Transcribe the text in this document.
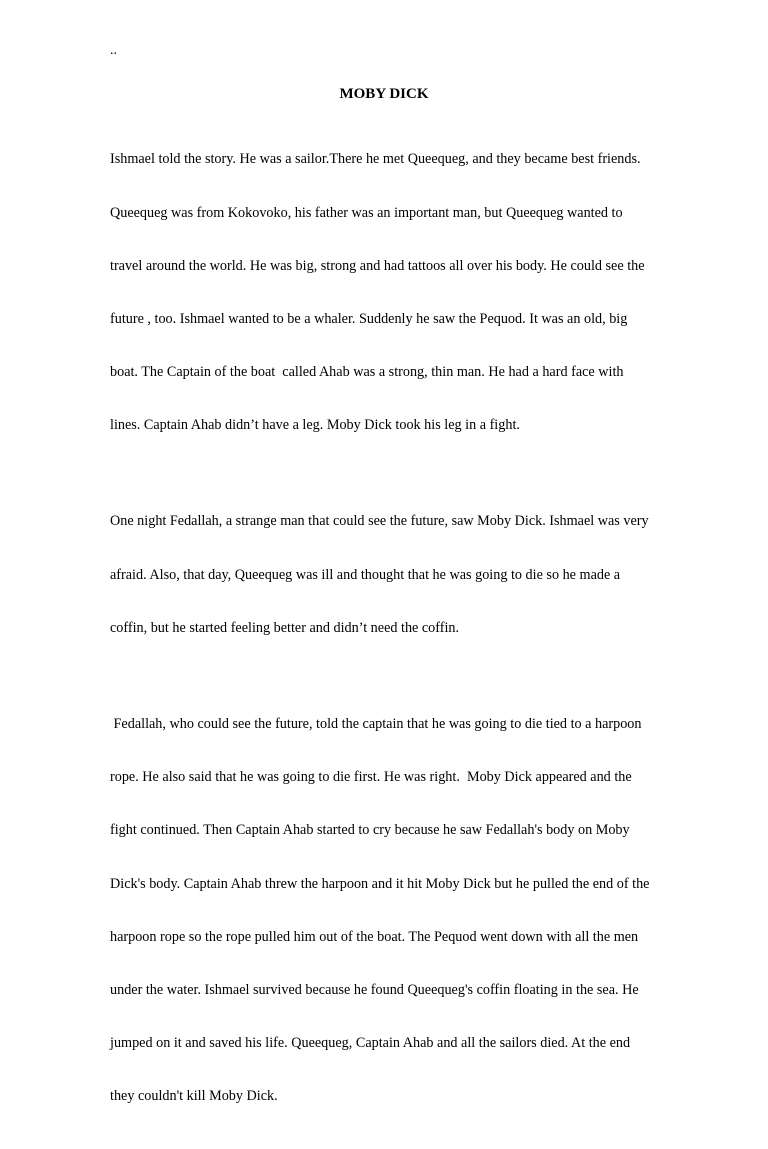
..
MOBY DICK

Ishmael told the story. He was a sailor.There he met Queequeg, and they became best friends.

Queequeg was from Kokovoko, his father was an important man, but Queequeg wanted to

travel around the world. He was big, strong and had tattoos all over his body. He could see the

future , too. Ishmael wanted to be a whaler. Suddenly he saw the Pequod. It was an old, big

boat. The Captain of the boat  called Ahab was a strong, thin man. He had a hard face with

lines. Captain Ahab didn’t have a leg. Moby Dick took his leg in a fight.

One night Fedallah, a strange man that could see the future, saw Moby Dick. Ishmael was very

afraid. Also, that day, Queequeg was ill and thought that he was going to die so he made a

coffin, but he started feeling better and didn’t need the coffin.

Fedallah, who could see the future, told the captain that he was going to die tied to a harpoon

rope. He also said that he was going to die first. He was right.  Moby Dick appeared and the

fight continued. Then Captain Ahab started to cry because he saw Fedallah's body on Moby

Dick's body. Captain Ahab threw the harpoon and it hit Moby Dick but he pulled the end of the

harpoon rope so the rope pulled him out of the boat. The Pequod went down with all the men

under the water. Ishmael survived because he found Queequeg's coffin floating in the sea. He

jumped on it and saved his life. Queequeg, Captain Ahab and all the sailors died. At the end

they couldn't kill Moby Dick.
